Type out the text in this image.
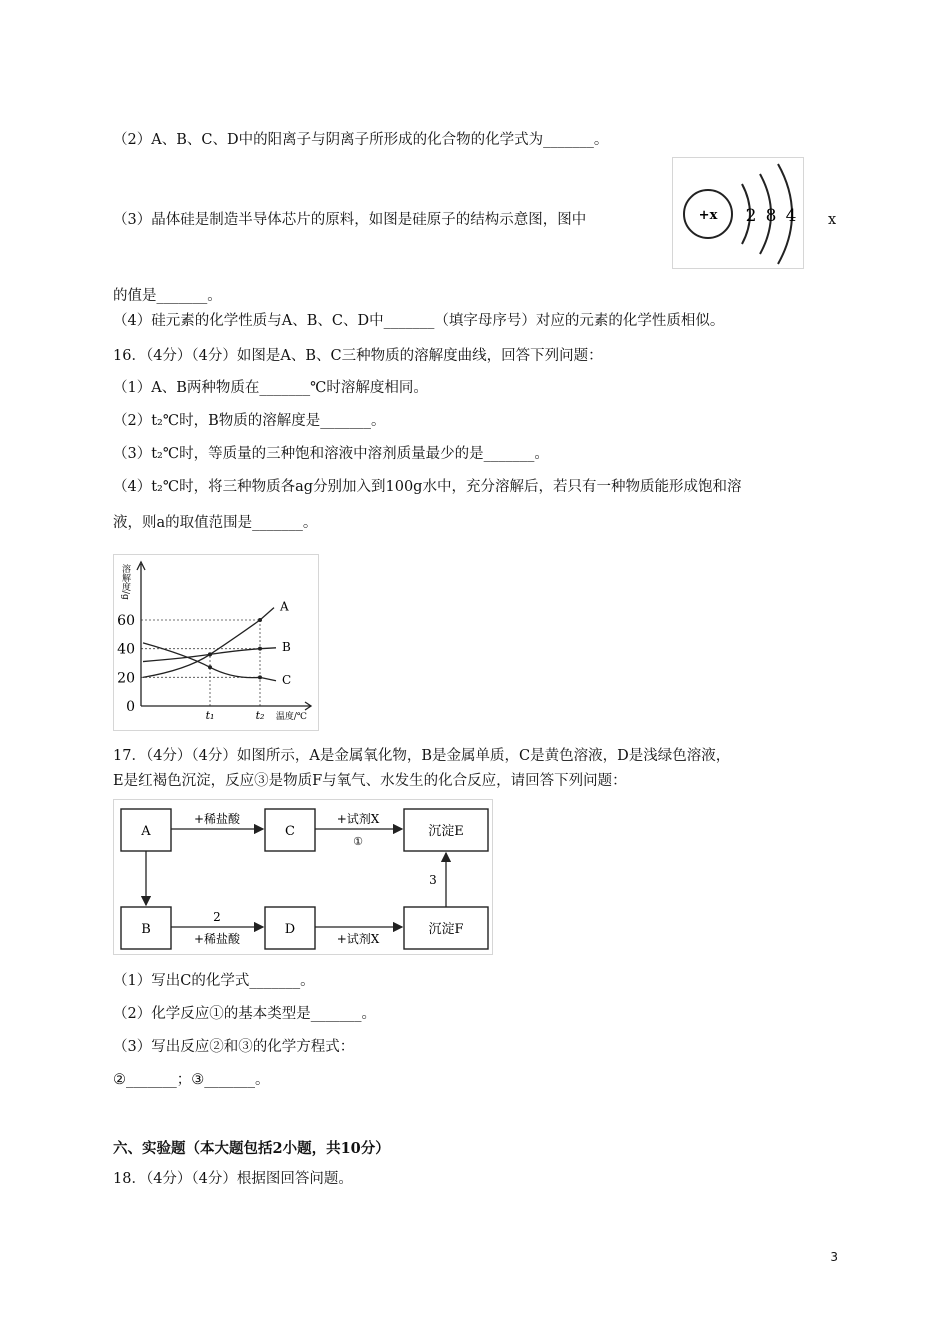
（2）A、B、C、D中的阳离子与阴离子所形成的化合物的化学式为_______。
（3）晶体硅是制造半导体芯片的原料，如图是硅原子的结构示意图，图中	+x 2 8 4 x
的值是_______。
（4）硅元素的化学性质与A、B、C、D中_______（填字母序号）对应的元素的化学性质相似。
16．（4分）（4分）如图是A、B、C三种物质的溶解度曲线，回答下列问题：
（1）A、B两种物质在_______℃时溶解度相同。
（2）t₂℃时，B物质的溶解度是_______。
（3）t₂℃时，等质量的三种饱和溶液中溶剂质量最少的是_______。
（4）t₂℃时，将三种物质各ag分别加入到100g水中，充分溶解后，若只有一种物质能形成饱和溶
液，则a的取值范围是_______。
0
20
40
60
t₁	t₂
溶解度/g
温度/℃
A
B
C
17．（4分）（4分）如图所示，A是金属氧化物，B是金属单质，C是黄色溶液，D是浅绿色溶液，
E是红褐色沉淀，反应③是物质F与氧气、水发生的化合反应，请回答下列问题：
A	C	沉淀E
B	D	沉淀F
+稀盐酸	+试剂X
①
3
2
+稀盐酸	+试剂X
（1）写出C的化学式_______。
（2）化学反应①的基本类型是_______。
（3）写出反应②和③的化学方程式：
②_______；③_______。
六、实验题（本大题包括2小题，共10分）
18．（4分）（4分）根据图回答问题。
3
